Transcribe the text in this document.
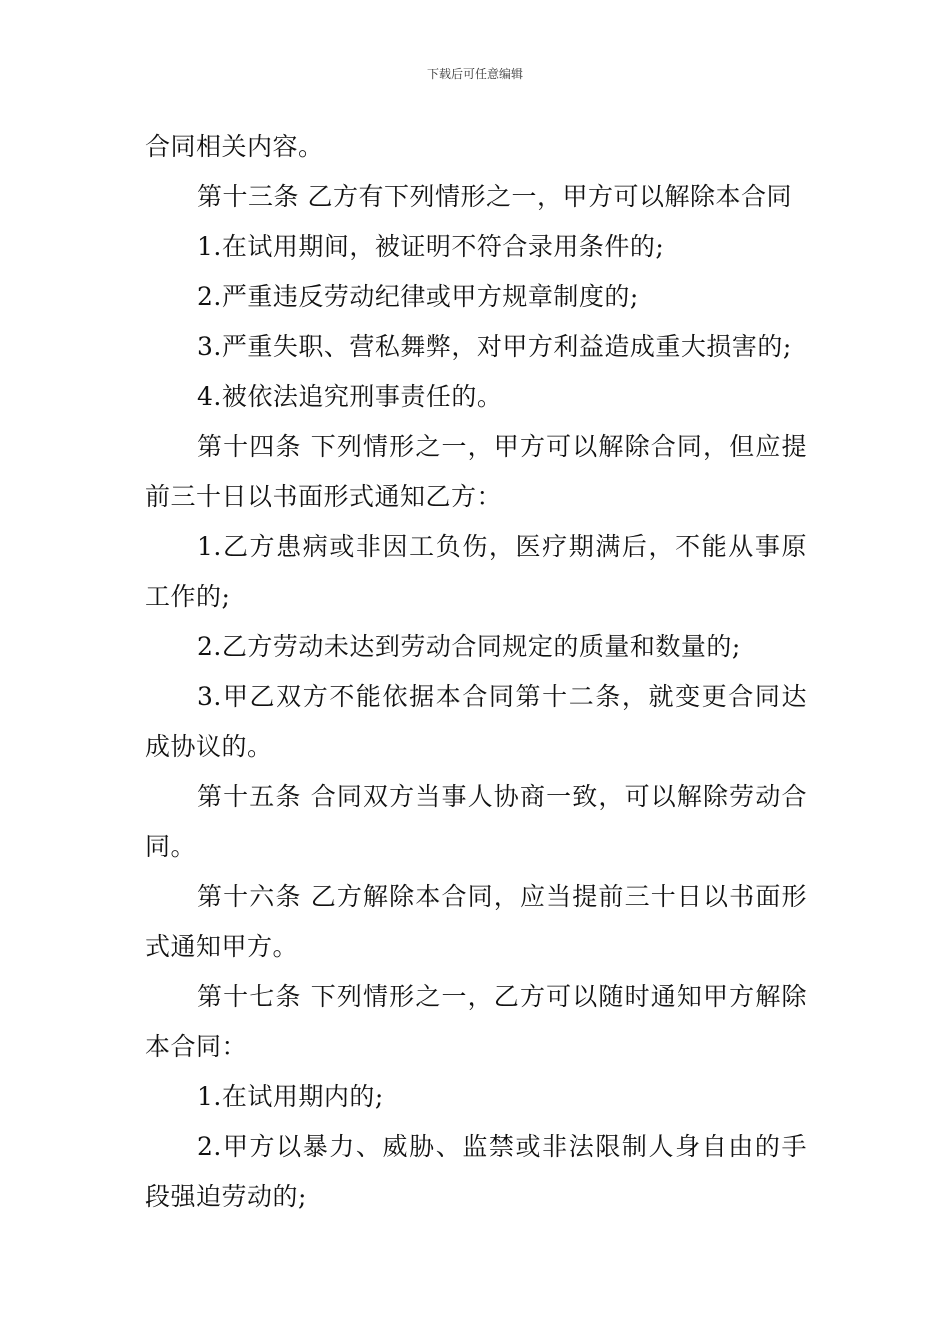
下载后可任意编辑

合同相关内容。

第十三条 乙方有下列情形之一，甲方可以解除本合同

1.在试用期间，被证明不符合录用条件的;

2.严重违反劳动纪律或甲方规章制度的;

3.严重失职、营私舞弊，对甲方利益造成重大损害的;

4.被依法追究刑事责任的。

第十四条 下列情形之一，甲方可以解除合同，但应提前三十日以书面形式通知乙方：

1.乙方患病或非因工负伤，医疗期满后，不能从事原工作的;

2.乙方劳动未达到劳动合同规定的质量和数量的;

3.甲乙双方不能依据本合同第十二条，就变更合同达成协议的。

第十五条 合同双方当事人协商一致，可以解除劳动合同。

第十六条 乙方解除本合同，应当提前三十日以书面形式通知甲方。

第十七条 下列情形之一，乙方可以随时通知甲方解除本合同：

1.在试用期内的;

2.甲方以暴力、威胁、监禁或非法限制人身自由的手段强迫劳动的;
